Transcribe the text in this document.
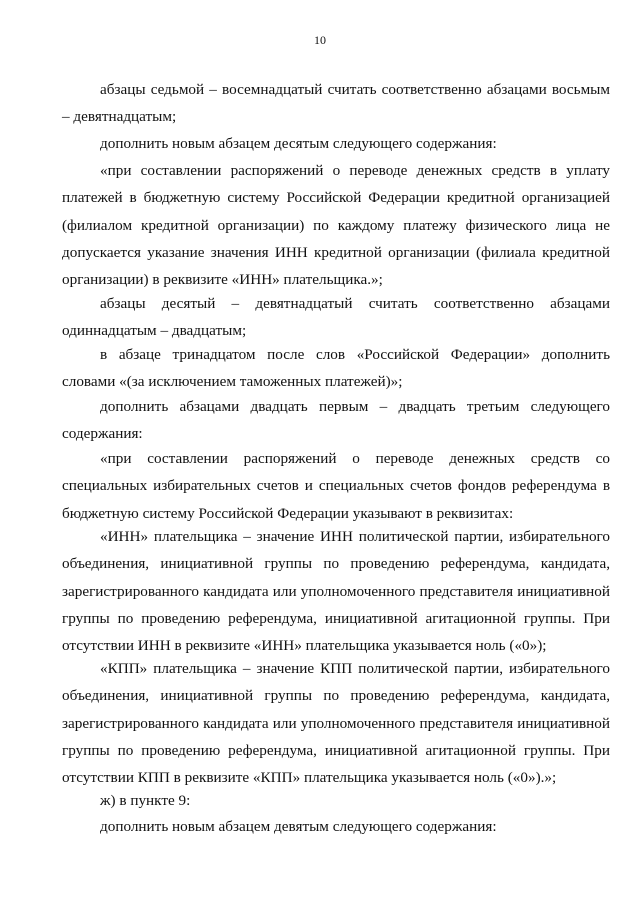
10

абзацы седьмой – восемнадцатый считать соответственно абзацами восьмым – девятнадцатым;

дополнить новым абзацем десятым следующего содержания:

«при составлении распоряжений о переводе денежных средств в уплату платежей в бюджетную систему Российской Федерации кредитной организацией (филиалом кредитной организации) по каждому платежу физического лица не допускается указание значения ИНН кредитной организации (филиала кредитной организации) в реквизите «ИНН» плательщика.»;

абзацы десятый – девятнадцатый считать соответственно абзацами одиннадцатым – двадцатым;

в абзаце тринадцатом после слов «Российской Федерации» дополнить словами «(за исключением таможенных платежей)»;

дополнить абзацами двадцать первым – двадцать третьим следующего содержания:

«при составлении распоряжений о переводе денежных средств со специальных избирательных счетов и специальных счетов фондов референдума в бюджетную систему Российской Федерации указывают в реквизитах:

«ИНН» плательщика – значение ИНН политической партии, избирательного объединения, инициативной группы по проведению референдума, кандидата, зарегистрированного кандидата или уполномоченного представителя инициативной группы по проведению референдума, инициативной агитационной группы. При отсутствии ИНН в реквизите «ИНН» плательщика указывается ноль («0»);

«КПП» плательщика – значение КПП политической партии, избирательного объединения, инициативной группы по проведению референдума, кандидата, зарегистрированного кандидата или уполномоченного представителя инициативной группы по проведению референдума, инициативной агитационной группы. При отсутствии КПП в реквизите «КПП» плательщика указывается ноль («0»).»;

ж) в пункте 9:

дополнить новым абзацем девятым следующего содержания:
